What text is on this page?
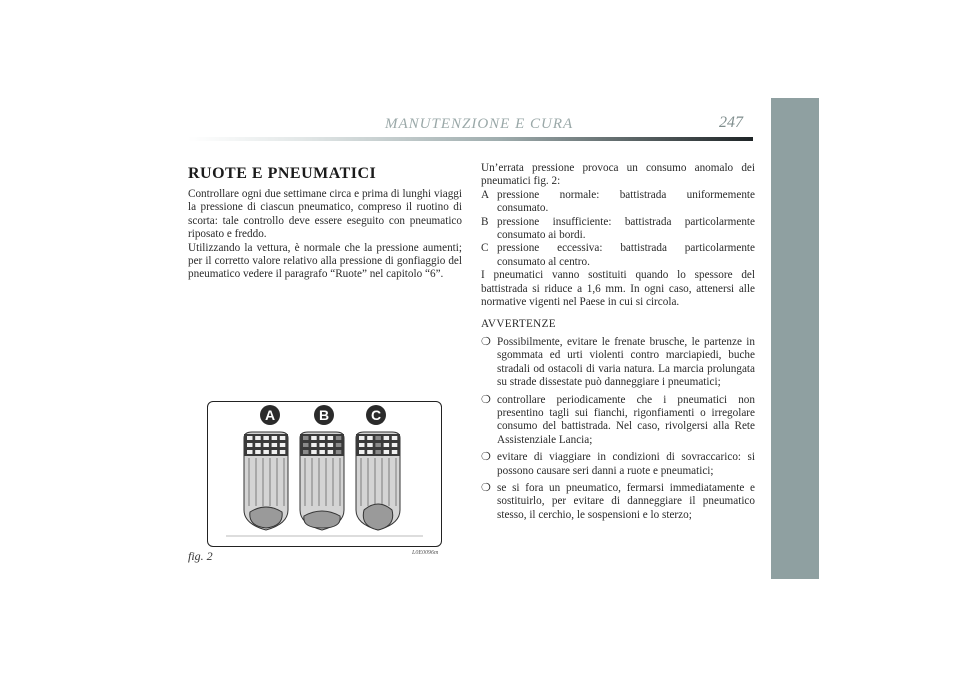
MANUTENZIONE E CURA	247
RUOTE E PNEUMATICI

Controllare ogni due settimane circa e prima di lunghi viaggi la pressione di ciascun pneumatico, compreso il ruotino di scorta: tale controllo deve essere eseguito con pneumatico riposato e freddo.

Utilizzando la vettura, è normale che la pressione aumenti; per il corretto valore relativo alla pressione di gonfiaggio del pneumatico vedere il paragrafo “Ruote” nel capitolo “6”.

A	B	C
fig. 2	L0E0096m

Un’errata pressione provoca un consumo anomalo dei pneumatici fig. 2:

A pressione normale: battistrada uniformemente consumato.
B pressione insufficiente: battistrada particolarmente consumato ai bordi.
C pressione eccessiva: battistrada particolarmente consumato al centro.

I pneumatici vanno sostituiti quando lo spessore del battistrada si riduce a 1,6 mm. In ogni caso, attenersi alle normative vigenti nel Paese in cui si circola.

AVVERTENZE

❍ Possibilmente, evitare le frenate brusche, le partenze in sgommata ed urti violenti contro marciapiedi, buche stradali od ostacoli di varia natura. La marcia prolungata su strade dissestate può danneggiare i pneumatici;
❍ controllare periodicamente che i pneumatici non presentino tagli sui fianchi, rigonfiamenti o irregolare consumo del battistrada. Nel caso, rivolgersi alla Rete Assistenziale Lancia;
❍ evitare di viaggiare in condizioni di sovraccarico: si possono causare seri danni a ruote e pneumatici;
❍ se si fora un pneumatico, fermarsi immediatamente e sostituirlo, per evitare di danneggiare il pneumatico stesso, il cerchio, le sospensioni e lo sterzo;
